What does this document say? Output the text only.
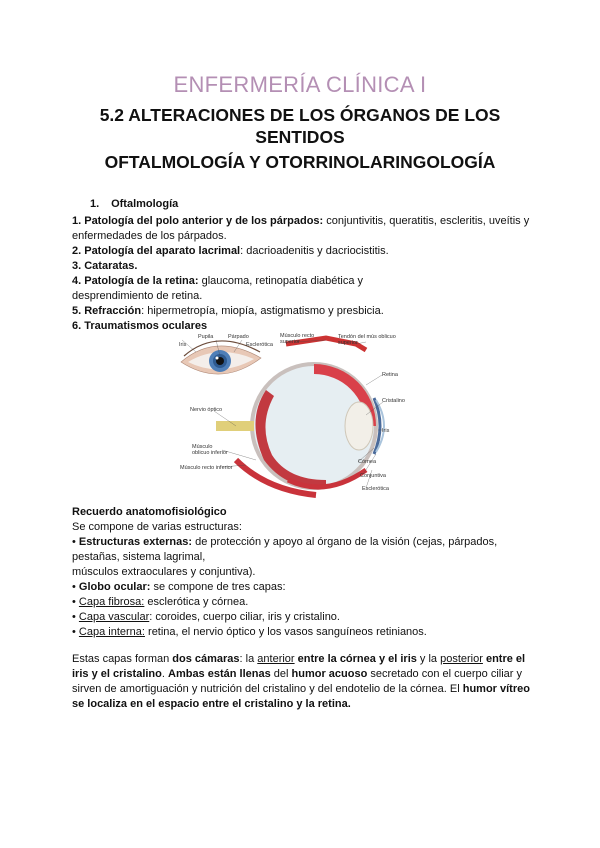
ENFERMERÍA CLÍNICA I
5.2 ALTERACIONES DE LOS ÓRGANOS DE LOS SENTIDOS
OFTALMOLOGÍA Y OTORRINOLARINGOLOGÍA
1. Oftalmología

1. Patología del polo anterior y de los párpados: conjuntivitis, queratitis, escleritis, uveítis y enfermedades de los párpados.

2. Patología del aparato lacrimal: dacrioadenitis y dacriocistitis.

3. Cataratas.

4. Patología de la retina: glaucoma, retinopatía diabética y

desprendimiento de retina.

5. Refracción: hipermetropía, miopía, astigmatismo y presbicia.

6. Traumatismos oculares

Iris
Pupila	Párpado
Esclerótica
Músculo recto superior
Tendón del mús oblicuo superior
Retina
Cristalino
Iris
Nervio óptico
Músculo oblicuo inferior
Músculo recto inferior
Córnea
Conjuntiva
Esclerótica

Recuerdo anatomofisiológico

Se compone de varias estructuras:

• Estructuras externas: de protección y apoyo al órgano de la visión (cejas, párpados, pestañas, sistema lagrimal,

músculos extraoculares y conjuntiva).

• Globo ocular: se compone de tres capas:

• Capa fibrosa: esclerótica y córnea.

• Capa vascular: coroides, cuerpo ciliar, iris y cristalino.

• Capa interna: retina, el nervio óptico y los vasos sanguíneos retinianos.

Estas capas forman dos cámaras: la anterior entre la córnea y el iris y la posterior entre el iris y el cristalino. Ambas están llenas del humor acuoso secretado con el cuerpo ciliar y sirven de amortiguación y nutrición del cristalino y del endotelio de la córnea. El humor vítreo se localiza en el espacio entre el cristalino y la retina.
